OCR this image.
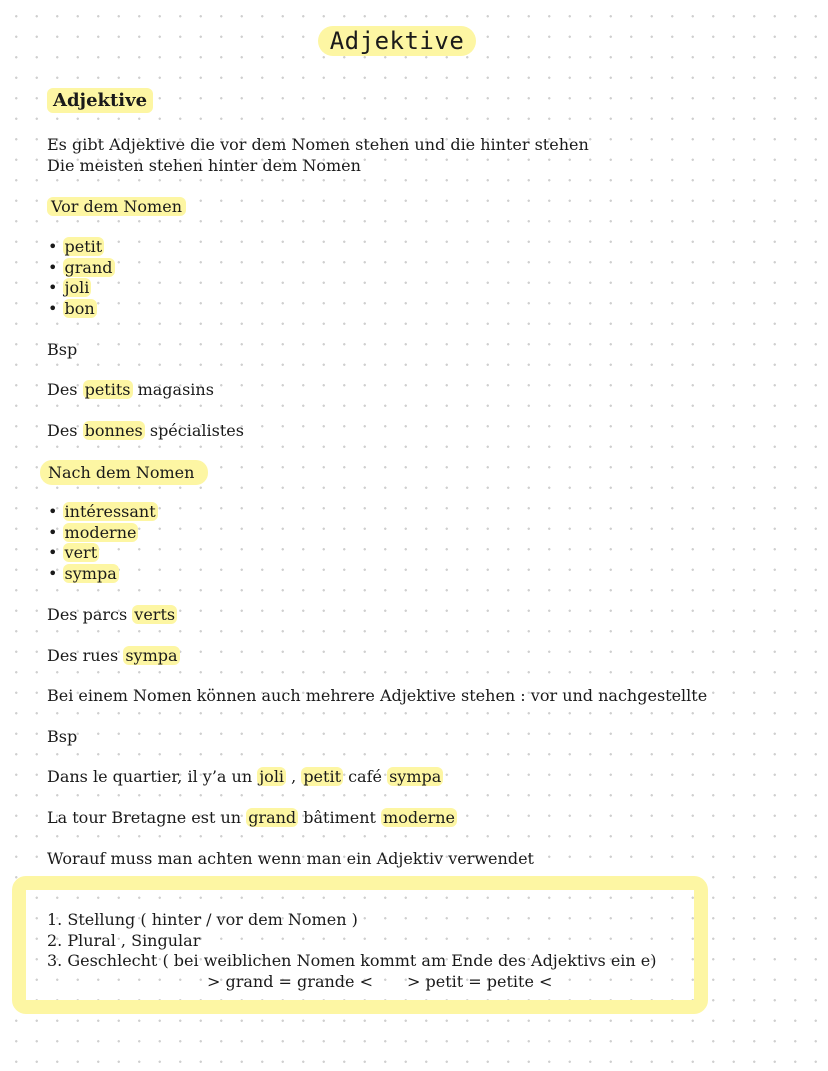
Adjektive
Adjektive
Es gibt Adjektive die vor dem Nomen stehen und die hinter stehen
Die meisten stehen hinter dem Nomen
Vor dem Nomen
• petit
• grand
• joli
• bon
Bsp
Des petits magasins
Des bonnes spécialistes
Nach dem Nomen
• intéressant
• moderne
• vert
• sympa
Des parcs verts
Des rues sympa
Bei einem Nomen können auch mehrere Adjektive stehen : vor und nachgestellte
Bsp
Dans le quartier, il y’a un joli , petit café sympa
La tour Bretagne est un grand bâtiment moderne
Worauf muss man achten wenn man ein Adjektiv verwendet
1. Stellung ( hinter / vor dem Nomen )
2. Plural , Singular
3. Geschlecht ( bei weiblichen Nomen kommt am Ende des Adjektivs ein e)
> grand = grande < > petit = petite <
